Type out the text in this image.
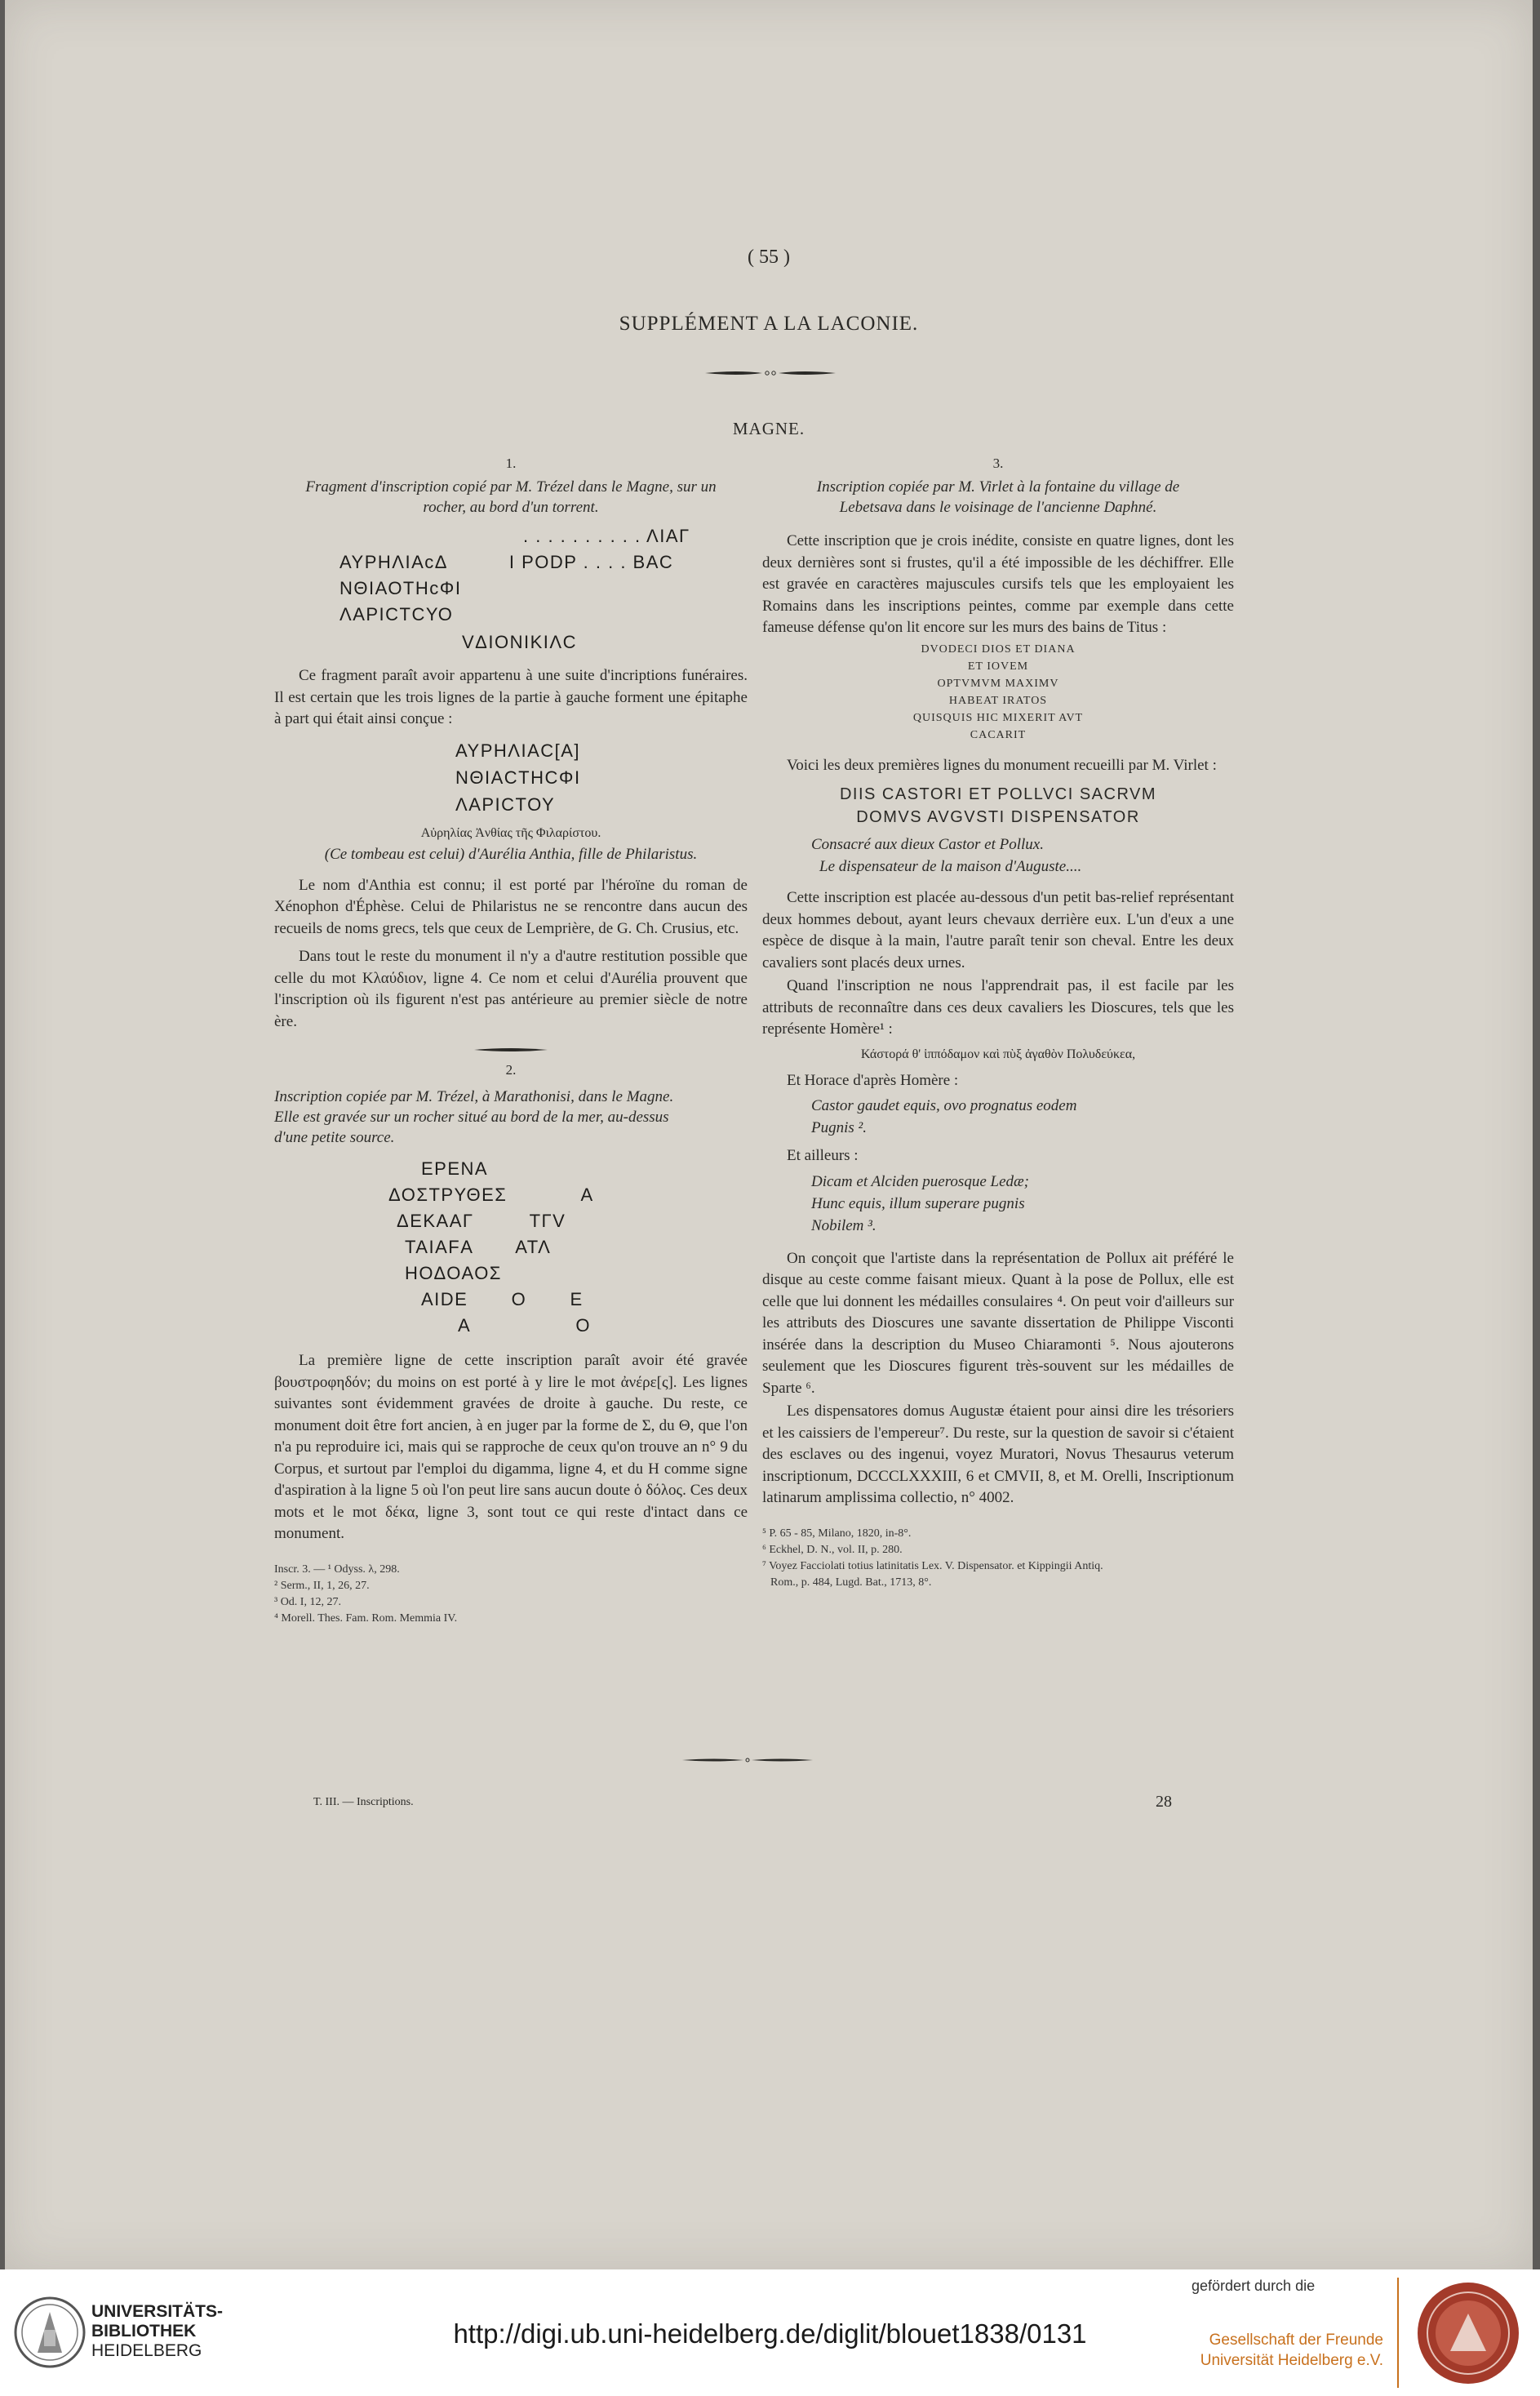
( 55 )
SUPPLÉMENT A LA LACONIE.
MAGNE.
1.
Fragment d'inscription copié par M. Trézel dans le Magne, sur un
rocher, au bord d'un torrent.
. . . . . . . . . . ΛΙΑΓ
ΑΥΡΗΛΙΑcΔ          Ι PODP . . . . BAC
ΝΘΙΑΟΤΗcΦΙ
ΛΑΡΙCΤCΥΟ
VΔΙΟΝΙΚΙΛC
Ce fragment paraît avoir appartenu à une suite d'incriptions funéraires. Il est certain que les trois lignes de la partie à gauche forment une épitaphe à part qui était ainsi conçue :
ΑΥΡΗΛΙΑC[Α]
ΝΘΙΑCΤΗCΦΙ
ΛΑΡΙCΤΟΥ
Αὐρηλίας Ἀνθίας τῆς Φιλαρίστου.
(Ce tombeau est celui) d'Aurélia Anthia, fille de Philaristus.
Le nom d'Anthia est connu; il est porté par l'héroïne du roman de Xénophon d'Éphèse. Celui de Philaristus ne se rencontre dans aucun des recueils de noms grecs, tels que ceux de Lemprière, de G. Ch. Crusius, etc.
Dans tout le reste du monument il n'y a d'autre restitution possible que celle du mot Κλαύδιον, ligne 4. Ce nom et celui d'Aurélia prouvent que l'inscription où ils figurent n'est pas antérieure au premier siècle de notre ère.
2.
Inscription copiée par M. Trézel, à Marathonisi, dans le Magne.
Elle est gravée sur un rocher situé au bord de la mer, au-dessus
d'une petite source.
ΕΡΕΝΑ
ΔΟΣΤΡΥΘΕΣ            Α
ΔΕΚΑΑΓ         ΤΓV
ΤΑΙΑFΑ       ΑΤΛ
ΗΟΔΟΑΟΣ
ΑΙDΕ       Ο       Ε
Α                 Ο
La première ligne de cette inscription paraît avoir été gravée βουστροφηδόν; du moins on est porté à y lire le mot ἀνέρε[ς]. Les lignes suivantes sont évidemment gravées de droite à gauche. Du reste, ce monument doit être fort ancien, à en juger par la forme de Σ, du Θ, que l'on n'a pu reproduire ici, mais qui se rapproche de ceux qu'on trouve an n° 9 du Corpus, et surtout par l'emploi du digamma, ligne 4, et du H comme signe d'aspiration à la ligne 5 où l'on peut lire sans aucun doute ὁ δόλος. Ces deux mots et le mot δέκα, ligne 3, sont tout ce qui reste d'intact dans ce monument.
Inscr. 3. — ¹ Odyss. λ, 298.
² Serm., II, 1, 26, 27.
³ Od. I, 12, 27.
⁴ Morell. Thes. Fam. Rom. Memmia IV.
3.
Inscription copiée par M. Virlet à la fontaine du village de
Lebetsava dans le voisinage de l'ancienne Daphné.
Cette inscription que je crois inédite, consiste en quatre lignes, dont les deux dernières sont si frustes, qu'il a été impossible de les déchiffrer. Elle est gravée en caractères majuscules cursifs tels que les employaient les Romains dans les inscriptions peintes, comme par exemple dans cette fameuse défense qu'on lit encore sur les murs des bains de Titus :
DVODECI DIOS ET DIANA
ET IOVEM
OPTVMVM MAXIMV
HABEAT IRATOS
QUISQUIS HIC MIXERIT AVT
CACARIT
Voici les deux premières lignes du monument recueilli par M. Virlet :
DIIS CASTORI ET POLLVCI SACRVM
DOMVS AVGVSTI DISPENSATOR
Consacré aux dieux Castor et Pollux.
Le dispensateur de la maison d'Auguste....
Cette inscription est placée au-dessous d'un petit bas-relief représentant deux hommes debout, ayant leurs chevaux derrière eux. L'un d'eux a une espèce de disque à la main, l'autre paraît tenir son cheval. Entre les deux cavaliers sont placés deux urnes.
Quand l'inscription ne nous l'apprendrait pas, il est facile par les attributs de reconnaître dans ces deux cavaliers les Dioscures, tels que les représente Homère¹ :
Κάστορά θ' ἱππόδαμον καὶ πὺξ ἀγαθὸν Πολυδεύκεα,
Et Horace d'après Homère :
Castor gaudet equis, ovo prognatus eodem
Pugnis ².
Et ailleurs :
Dicam et Alciden puerosque Ledæ;
Hunc equis, illum superare pugnis
Nobilem ³.
On conçoit que l'artiste dans la représentation de Pollux ait préféré le disque au ceste comme faisant mieux. Quant à la pose de Pollux, elle est celle que lui donnent les médailles consulaires ⁴. On peut voir d'ailleurs sur les attributs des Dioscures une savante dissertation de Philippe Visconti insérée dans la description du Museo Chiaramonti ⁵. Nous ajouterons seulement que les Dioscures figurent très-souvent sur les médailles de Sparte ⁶.
Les dispensatores domus Augustæ étaient pour ainsi dire les trésoriers et les caissiers de l'empereur⁷. Du reste, sur la question de savoir si c'étaient des esclaves ou des ingenui, voyez Muratori, Novus Thesaurus veterum inscriptionum, DCCCLXXXIII, 6 et CMVII, 8, et M. Orelli, Inscriptionum latinarum amplissima collectio, n° 4002.
⁵ P. 65 - 85, Milano, 1820, in-8°.
⁶ Eckhel, D. N., vol. II, p. 280.
⁷ Voyez Facciolati totius latinitatis Lex. V. Dispensator. et Kippingii Antiq.
Rom., p. 484, Lugd. Bat., 1713, 8°.
T. III. — Inscriptions.	28
UNIVERSITÄTS-
BIBLIOTHEK
HEIDELBERG
http://digi.ub.uni-heidelberg.de/diglit/blouet1838/0131
gefördert durch die
Gesellschaft der Freunde
Universität Heidelberg e.V.
